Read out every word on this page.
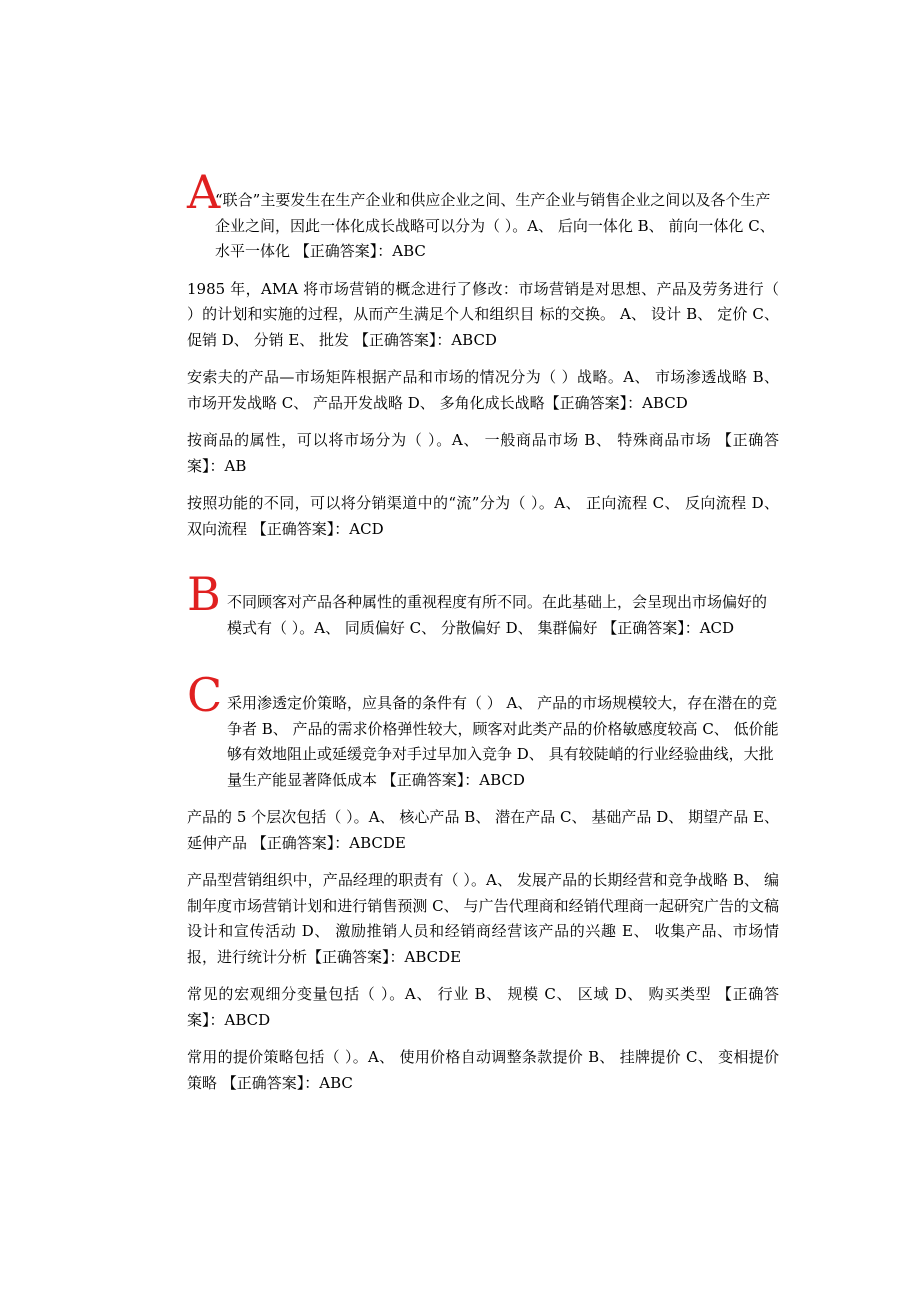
A
“联合”主要发生在生产企业和供应企业之间、生产企业与销售企业之间以及各个生产企业之间，因此一体化成长战略可以分为（ ）。A、 后向一体化 B、 前向一体化 C、 水平一体化 【正确答案】：ABC

1985 年，AMA 将市场营销的概念进行了修改：市场营销是对思想、产品及劳务进行（ ）的计划和实施的过程，从而产生满足个人和组织目 标的交换。 A、 设计 B、 定价 C、 促销 D、 分销 E、 批发 【正确答案】：ABCD

安索夫的产品—市场矩阵根据产品和市场的情况分为（ ）战略。A、 市场渗透战略 B、 市场开发战略 C、 产品开发战略 D、 多角化成长战略【正确答案】：ABCD

按商品的属性，可以将市场分为（ ）。A、 一般商品市场 B、 特殊商品市场 【正确答案】：AB

按照功能的不同，可以将分销渠道中的“流”分为（ ）。A、 正向流程 C、 反向流程 D、 双向流程 【正确答案】：ACD

B 不同顾客对产品各种属性的重视程度有所不同。在此基础上，会呈现出市场偏好的模式有（ ）。A、 同质偏好 C、 分散偏好 D、 集群偏好 【正确答案】：ACD
C 采用渗透定价策略，应具备的条件有（ ） A、 产品的市场规模较大，存在潜在的竞争者 B、 产品的需求价格弹性较大，顾客对此类产品的价格敏感度较高 C、 低价能够有效地阻止或延缓竞争对手过早加入竞争 D、 具有较陡峭的行业经验曲线，大批量生产能显著降低成本 【正确答案】：ABCD

产品的 5 个层次包括（ ）。A、 核心产品 B、 潜在产品 C、 基础产品 D、 期望产品 E、 延伸产品 【正确答案】：ABCDE

产品型营销组织中，产品经理的职责有（ ）。A、 发展产品的长期经营和竞争战略 B、 编制年度市场营销计划和进行销售预测 C、 与广告代理商和经销代理商一起研究广告的文稿设计和宣传活动 D、 激励推销人员和经销商经营该产品的兴趣 E、 收集产品、市场情报，进行统计分析【正确答案】：ABCDE

常见的宏观细分变量包括（ ）。A、 行业 B、 规模 C、 区域 D、 购买类型 【正确答案】：ABCD

常用的提价策略包括（ ）。A、 使用价格自动调整条款提价 B、 挂牌提价 C、 变相提价策略 【正确答案】：ABC
